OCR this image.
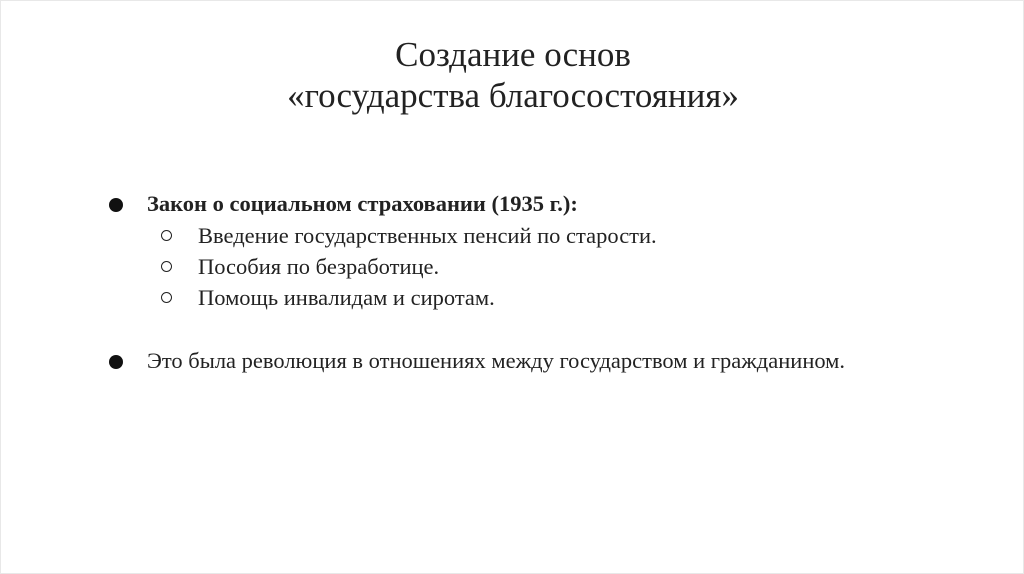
Создание основ
«государства благосостояния»
Закон о социальном страховании (1935 г.):
Введение государственных пенсий по старости.
Пособия по безработице.
Помощь инвалидам и сиротам.
Это была революция в отношениях между государством и гражданином.
